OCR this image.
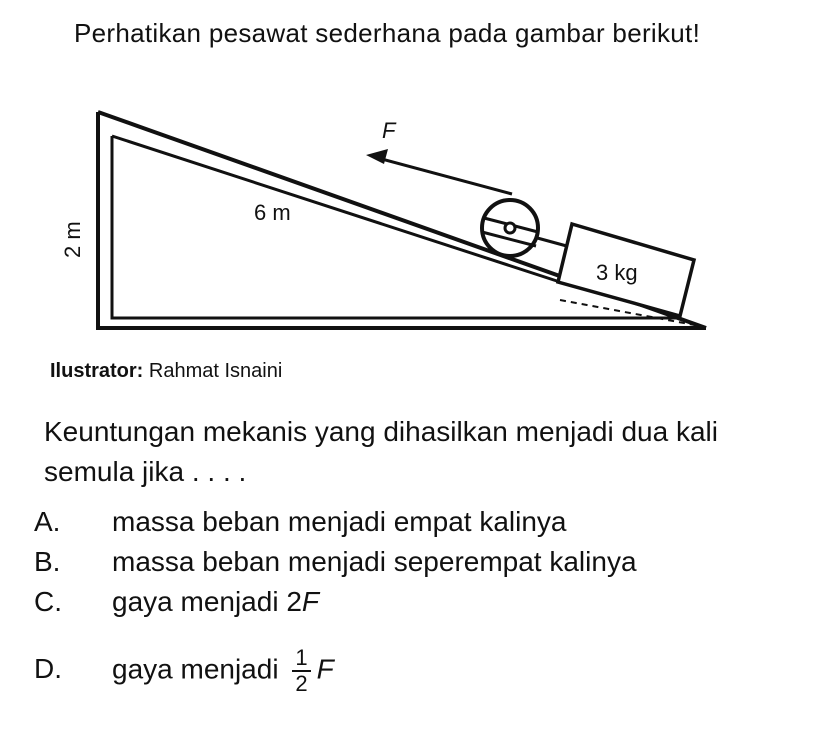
Perhatikan pesawat sederhana pada gambar berikut!
F
6 m
3 kg
2 m
Ilustrator: Rahmat Isnaini
Keuntungan mekanis yang dihasilkan menjadi dua kali semula jika . . . .
A. massa beban menjadi empat kalinya
B. massa beban menjadi seperempat kalinya
C. gaya menjadi 2F
D. gaya menjadi $\frac{1}{2}$ F
